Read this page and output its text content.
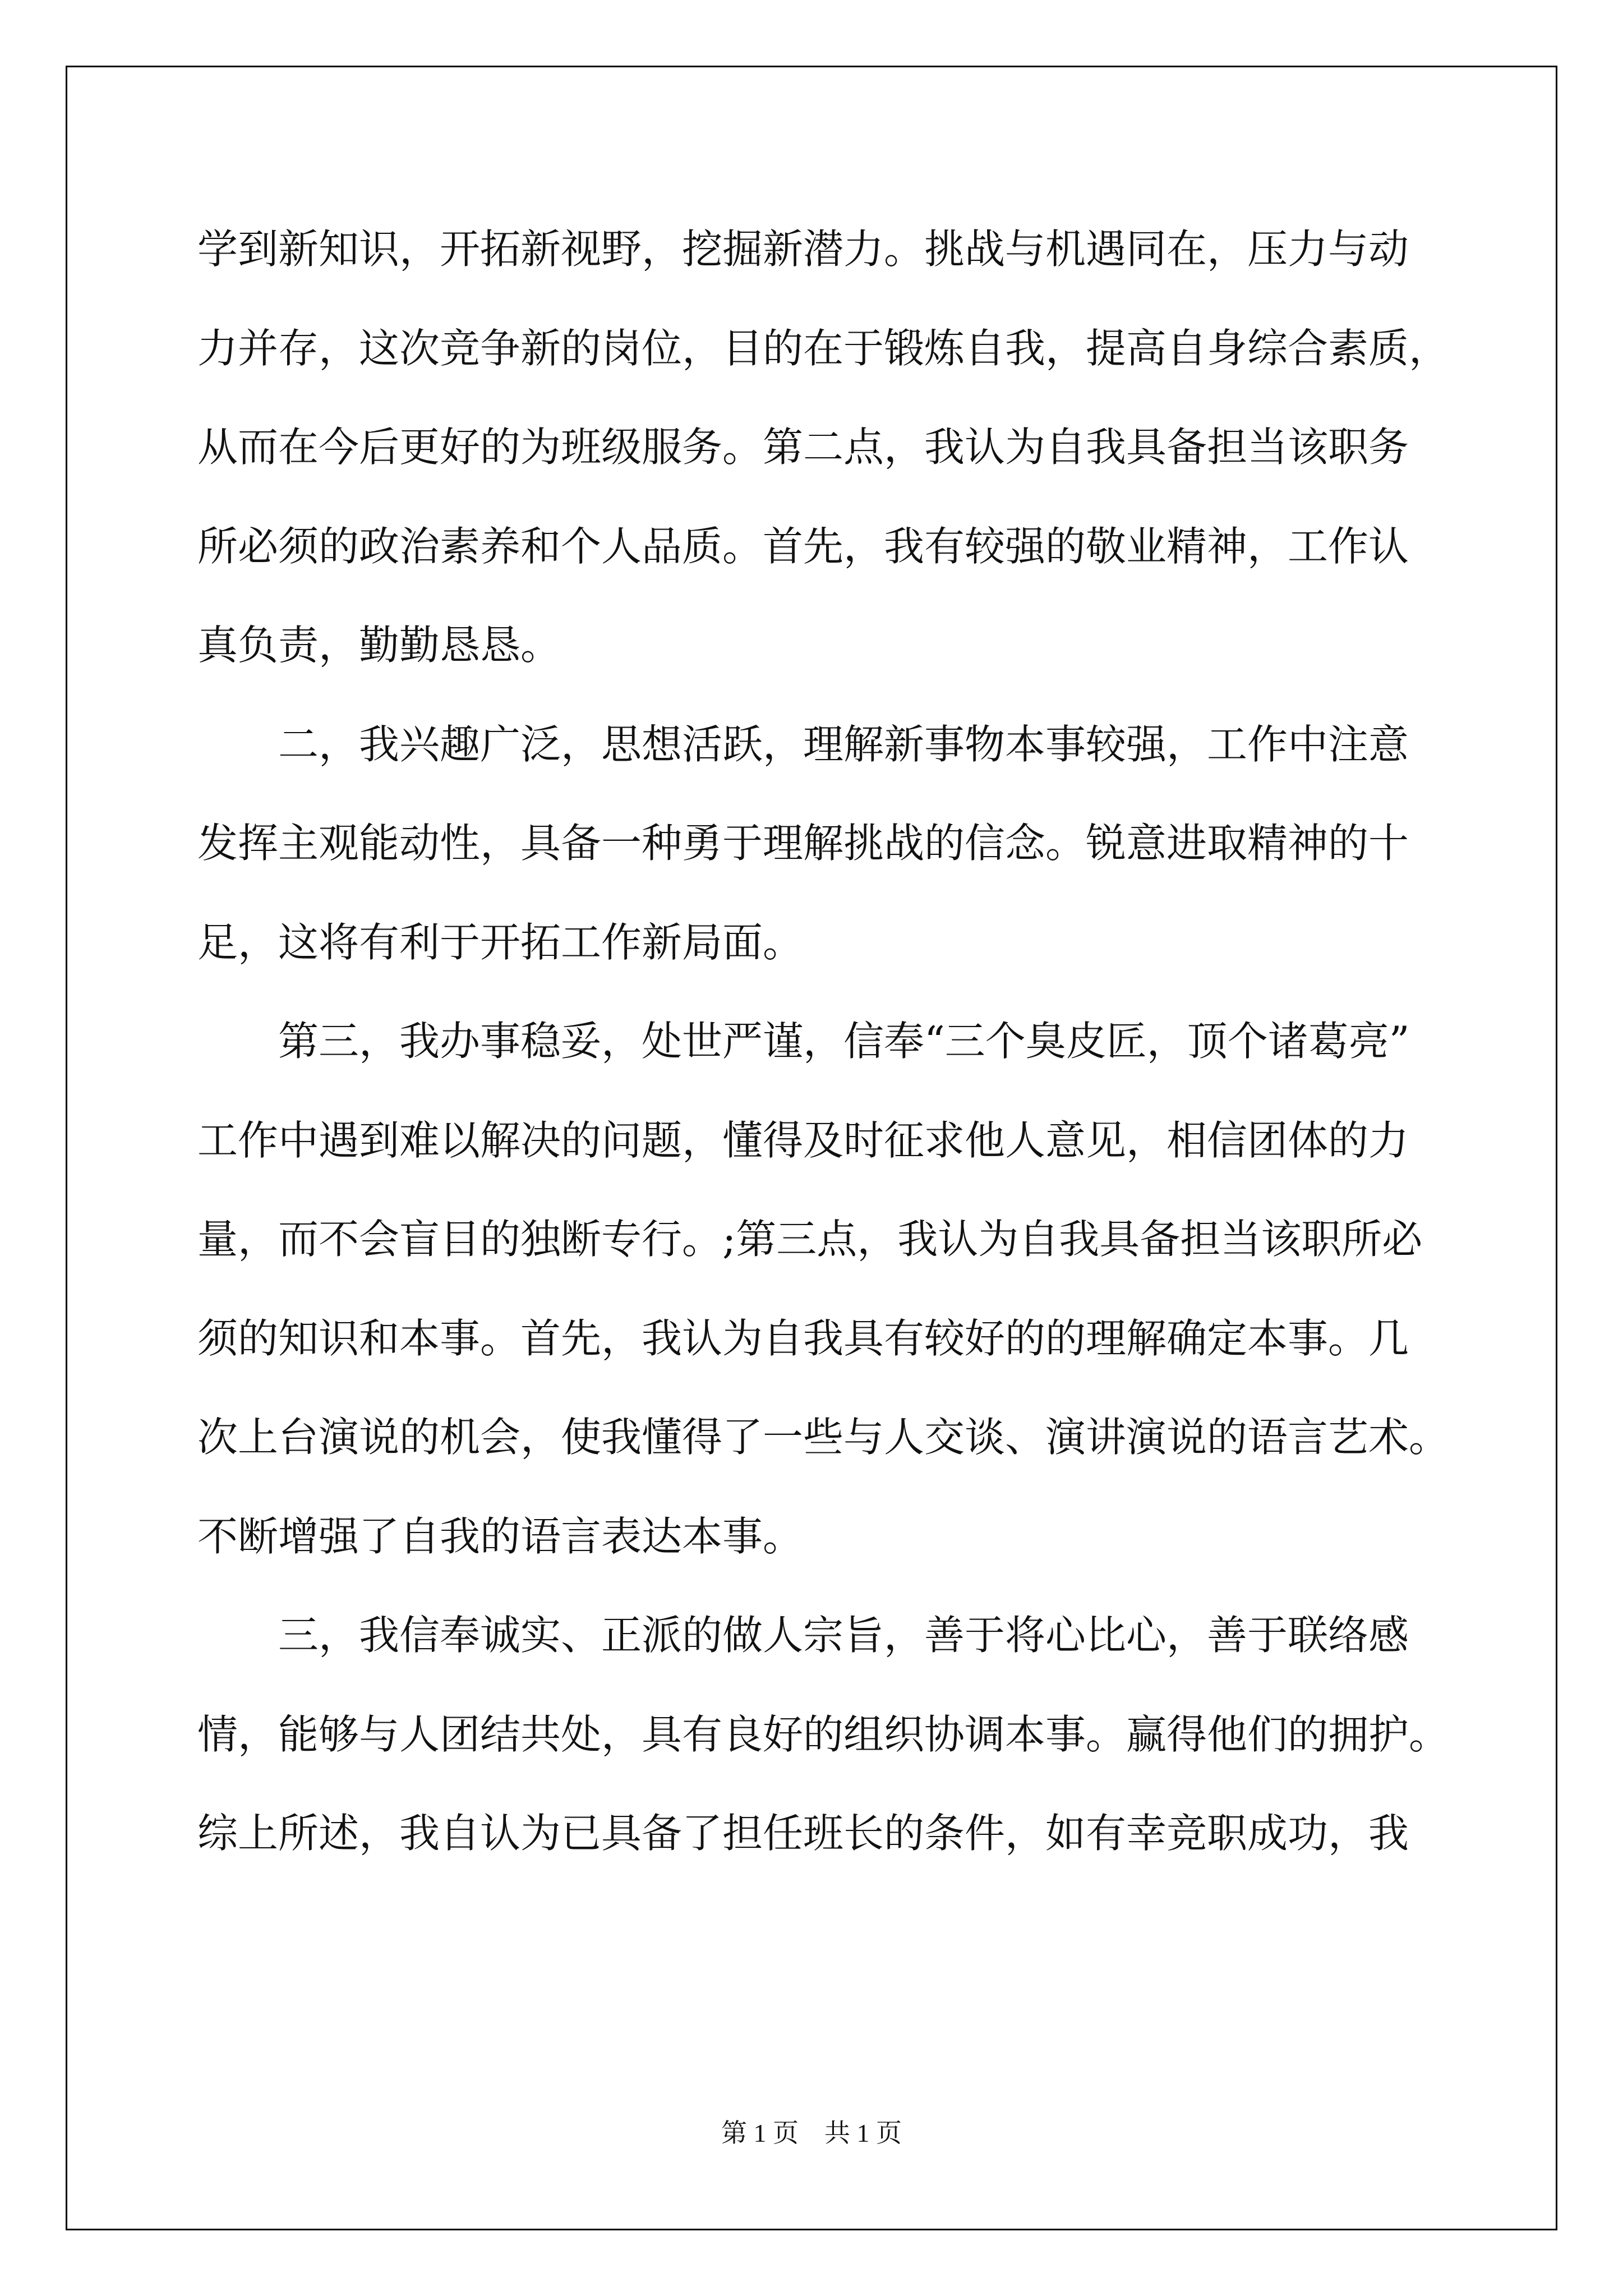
学到新知识，开拓新视野，挖掘新潜力。挑战与机遇同在，压力与动
力并存，这次竞争新的岗位，目的在于锻炼自我，提高自身综合素质，
从而在今后更好的为班级服务。第二点，我认为自我具备担当该职务
所必须的政治素养和个人品质。首先，我有较强的敬业精神，工作认
真负责，勤勤恳恳。
　　二，我兴趣广泛，思想活跃，理解新事物本事较强，工作中注意
发挥主观能动性，具备一种勇于理解挑战的信念。锐意进取精神的十
足，这将有利于开拓工作新局面。
　　第三，我办事稳妥，处世严谨，信奉“三个臭皮匠，顶个诸葛亮”
工作中遇到难以解决的问题，懂得及时征求他人意见，相信团体的力
量，而不会盲目的独断专行。;第三点，我认为自我具备担当该职所必
须的知识和本事。首先，我认为自我具有较好的的理解确定本事。几
次上台演说的机会，使我懂得了一些与人交谈、演讲演说的语言艺术。
不断增强了自我的语言表达本事。
　　三，我信奉诚实、正派的做人宗旨，善于将心比心，善于联络感
情，能够与人团结共处，具有良好的组织协调本事。赢得他们的拥护。
综上所述，我自认为已具备了担任班长的条件，如有幸竞职成功，我
第 1 页　共 1 页
